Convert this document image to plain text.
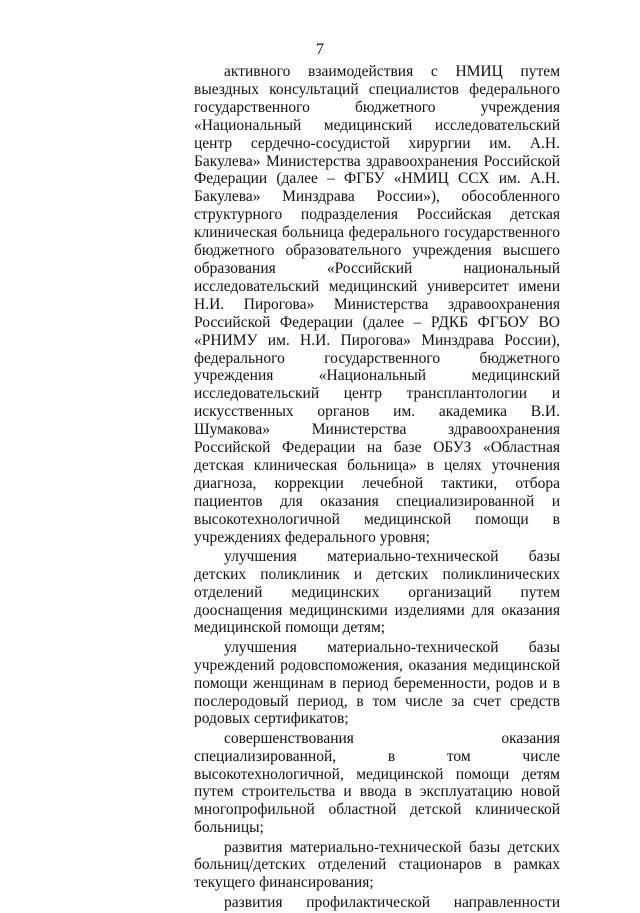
7

активного взаимодействия с НМИЦ путем выездных консультаций специалистов федерального государственного бюджетного учреждения «Национальный медицинский исследовательский центр сердечно-сосудистой хирургии им. А.Н. Бакулева» Министерства здравоохранения Российской Федерации (далее – ФГБУ «НМИЦ ССХ им. А.Н. Бакулева» Минздрава России»), обособленного структурного подразделения Российская детская клиническая больница федерального государственного бюджетного образовательного учреждения высшего образования «Российский национальный исследовательский медицинский университет имени Н.И. Пирогова» Министерства здравоохранения Российской Федерации (далее – РДКБ ФГБОУ ВО «РНИМУ им. Н.И. Пирогова» Минздрава России), федерального государственного бюджетного учреждения «Национальный медицинский исследовательский центр трансплантологии и искусственных органов им. академика В.И. Шумакова» Министерства здравоохранения Российской Федерации на базе ОБУЗ «Областная детская клиническая больница» в целях уточнения диагноза, коррекции лечебной тактики, отбора пациентов для оказания специализированной и высокотехнологичной медицинской помощи в учреждениях федерального уровня;

улучшения материально-технической базы детских поликлиник и детских поликлинических отделений медицинских организаций путем дооснащения медицинскими изделиями для оказания медицинской помощи детям;

улучшения материально-технической базы учреждений родовспоможения, оказания медицинской помощи женщинам в период беременности, родов и в послеродовый период, в том числе за счет средств родовых сертификатов;

совершенствования оказания специализированной, в том числе высокотехнологичной, медицинской помощи детям путем строительства и ввода в эксплуатацию новой многопрофильной областной детской клинической больницы;

развития материально-технической базы детских больниц/детских отделений стационаров в рамках текущего финансирования;

развития профилактической направленности
